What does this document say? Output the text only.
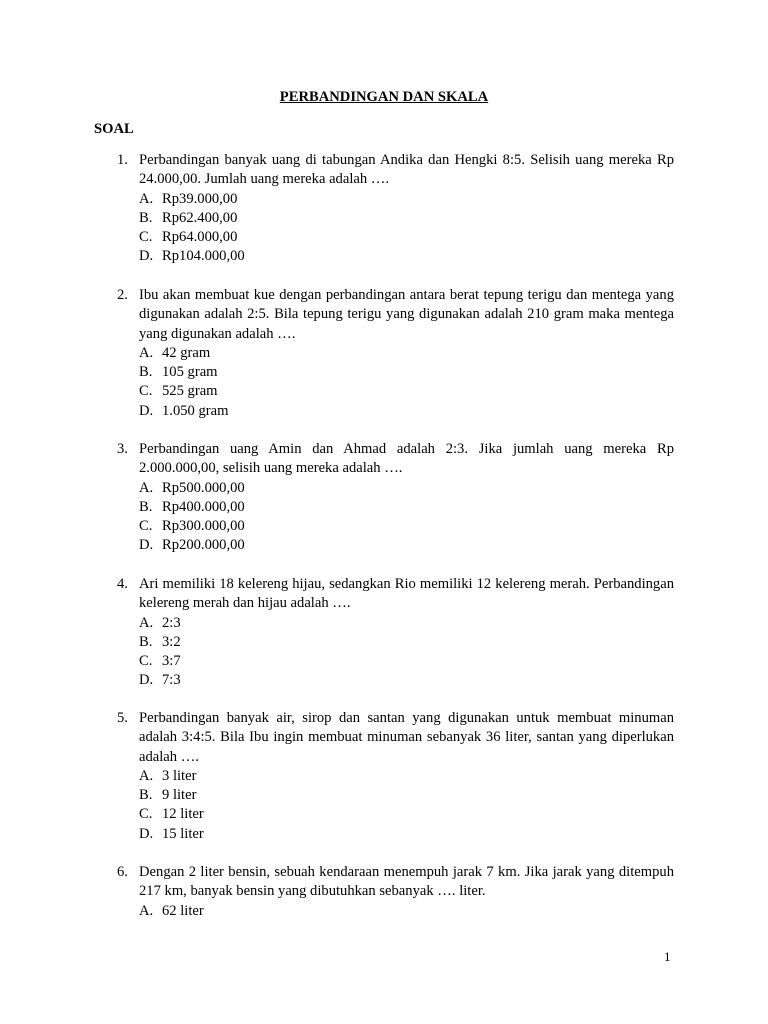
PERBANDINGAN DAN SKALA
SOAL
1. Perbandingan banyak uang di tabungan Andika dan Hengki 8:5. Selisih uang mereka Rp 24.000,00. Jumlah uang mereka adalah ….
A. Rp39.000,00
B. Rp62.400,00
C. Rp64.000,00
D. Rp104.000,00
2. Ibu akan membuat kue dengan perbandingan antara berat tepung terigu dan mentega yang digunakan adalah 2:5. Bila tepung terigu yang digunakan adalah 210 gram maka mentega yang digunakan adalah ….
A. 42 gram
B. 105 gram
C. 525 gram
D. 1.050 gram
3. Perbandingan uang Amin dan Ahmad adalah 2:3. Jika jumlah uang mereka Rp 2.000.000,00, selisih uang mereka adalah ….
A. Rp500.000,00
B. Rp400.000,00
C. Rp300.000,00
D. Rp200.000,00
4. Ari memiliki 18 kelereng hijau, sedangkan Rio memiliki 12 kelereng merah. Perbandingan kelereng merah dan hijau adalah ….
A. 2:3
B. 3:2
C. 3:7
D. 7:3
5. Perbandingan banyak air, sirop dan santan yang digunakan untuk membuat minuman adalah 3:4:5. Bila Ibu ingin membuat minuman sebanyak 36 liter, santan yang diperlukan adalah ….
A. 3 liter
B. 9 liter
C. 12 liter
D. 15 liter
6. Dengan 2 liter bensin, sebuah kendaraan menempuh jarak 7 km. Jika jarak yang ditempuh 217 km, banyak bensin yang dibutuhkan sebanyak …. liter.
A. 62 liter
1
